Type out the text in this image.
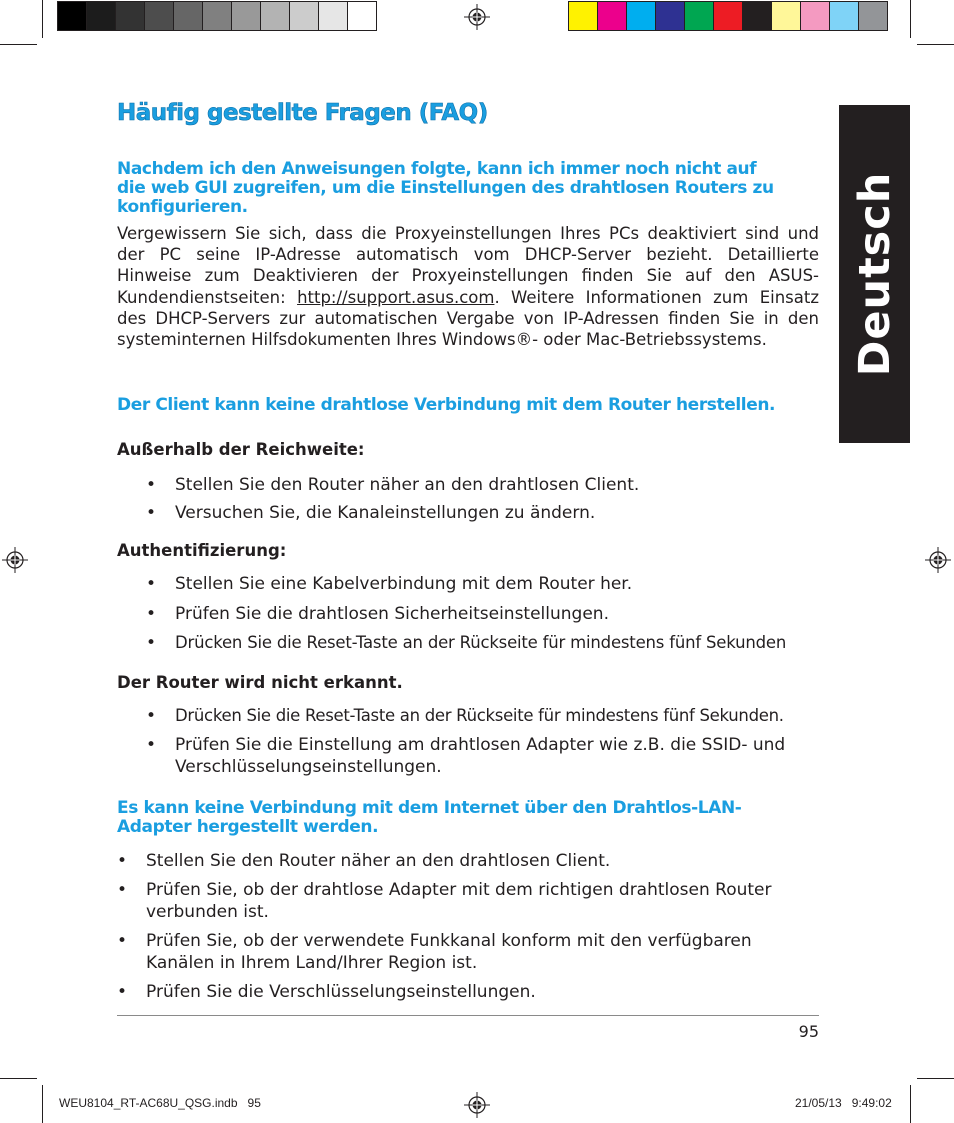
Deutsch
Häufig gestellte Fragen (FAQ)
Nachdem ich den Anweisungen folgte, kann ich immer noch nicht auf
die web GUI zugreifen, um die Einstellungen des drahtlosen Routers zu
konfigurieren.
Vergewissern Sie sich, dass die Proxyeinstellungen Ihres PCs deaktiviert sind und der PC seine IP-Adresse automatisch vom DHCP-Server bezieht. Detaillierte Hinweise zum Deaktivieren der Proxyeinstellungen finden Sie auf den ASUS-Kundendienstseiten: http://support.asus.com. Weitere Informationen zum Einsatz des DHCP-Servers zur automatischen Vergabe von IP-Adressen finden Sie in den systeminternen Hilfsdokumenten Ihres Windows®- oder Mac-Betriebssystems.
Der Client kann keine drahtlose Verbindung mit dem Router herstellen.
Außerhalb der Reichweite:
• Stellen Sie den Router näher an den drahtlosen Client.
• Versuchen Sie, die Kanaleinstellungen zu ändern.
Authentifizierung:
• Stellen Sie eine Kabelverbindung mit dem Router her.
• Prüfen Sie die drahtlosen Sicherheitseinstellungen.
• Drücken Sie die Reset-Taste an der Rückseite für mindestens fünf Sekunden
Der Router wird nicht erkannt.
• Drücken Sie die Reset-Taste an der Rückseite für mindestens fünf Sekunden.
• Prüfen Sie die Einstellung am drahtlosen Adapter wie z.B. die SSID- und
Verschlüsselungseinstellungen.
Es kann keine Verbindung mit dem Internet über den Drahtlos-LAN-
Adapter hergestellt werden.
• Stellen Sie den Router näher an den drahtlosen Client.
• Prüfen Sie, ob der drahtlose Adapter mit dem richtigen drahtlosen Router
verbunden ist.
• Prüfen Sie, ob der verwendete Funkkanal konform mit den verfügbaren
Kanälen in Ihrem Land/Ihrer Region ist.
• Prüfen Sie die Verschlüsselungseinstellungen.
95
WEU8104_RT-AC68U_QSG.indb   95	21/05/13   9:49:02
